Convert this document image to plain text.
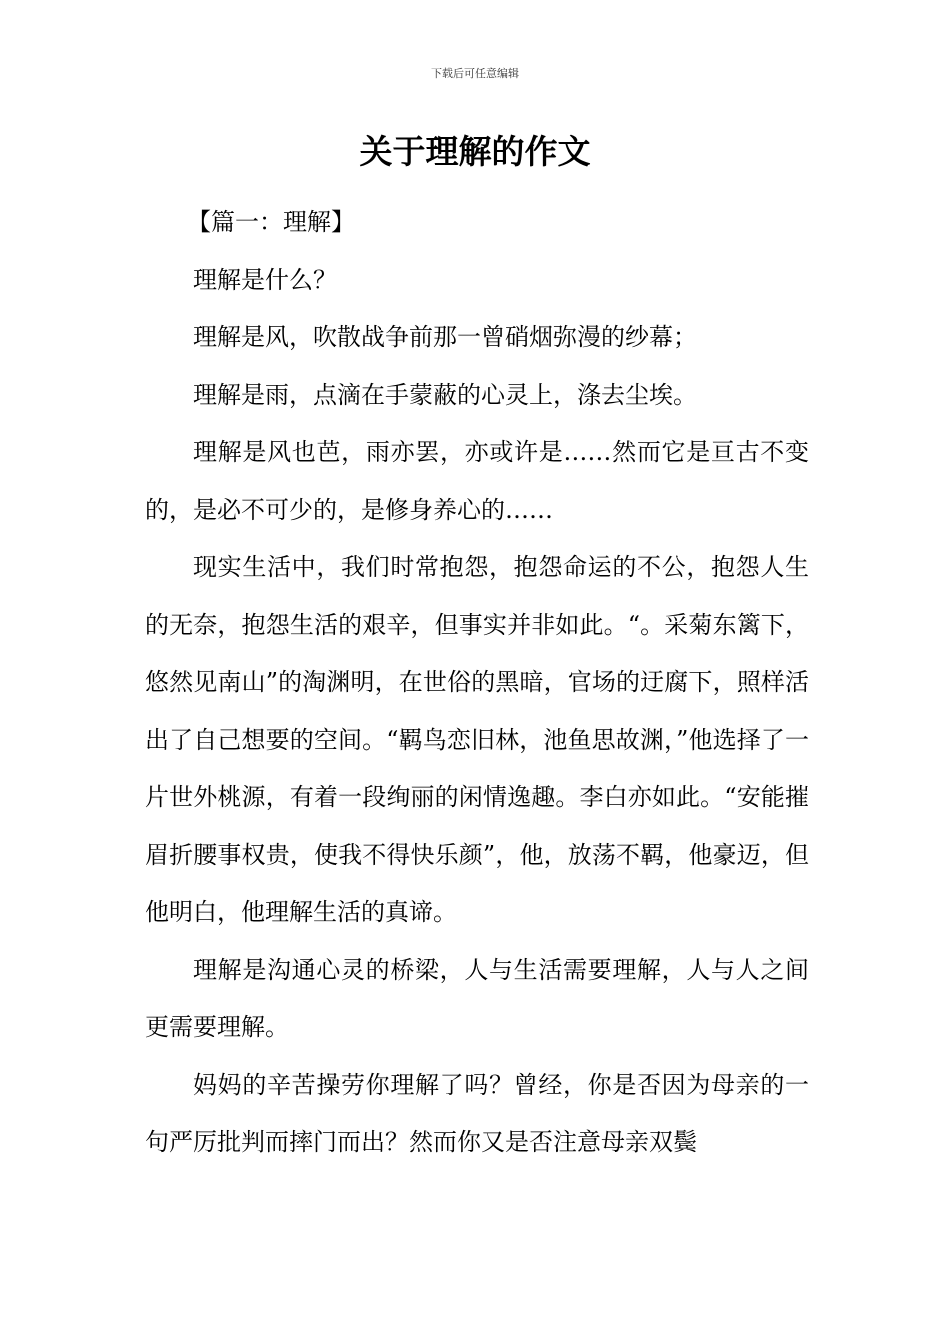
下载后可任意编辑
关于理解的作文

【篇一：理解】

理解是什么？

理解是风，吹散战争前那一曾硝烟弥漫的纱幕；

理解是雨，点滴在手蒙蔽的心灵上，涤去尘埃。

理解是风也芭，雨亦罢，亦或许是……然而它是亘古不变的，是必不可少的，是修身养心的……

现实生活中，我们时常抱怨，抱怨命运的不公，抱怨人生的无奈，抱怨生活的艰辛，但事实并非如此。“。采菊东篱下，悠然见南山”的淘渊明，在世俗的黑暗，官场的迂腐下，照样活出了自己想要的空间。“羁鸟恋旧林，池鱼思故渊，”他选择了一片世外桃源，有着一段绚丽的闲情逸趣。李白亦如此。“安能摧眉折腰事权贵，使我不得快乐颜”，他，放荡不羁，他豪迈，但他明白，他理解生活的真谛。

理解是沟通心灵的桥梁，人与生活需要理解，人与人之间更需要理解。

妈妈的辛苦操劳你理解了吗？曾经，你是否因为母亲的一句严厉批判而摔门而出？然而你又是否注意母亲双鬓
